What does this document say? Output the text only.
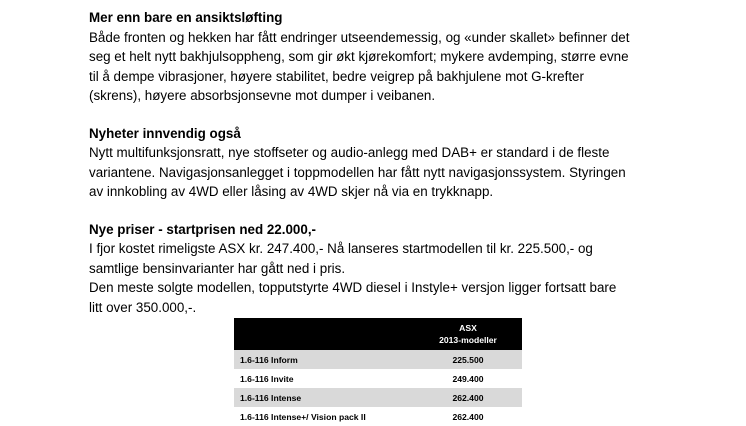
Mer enn bare en ansiktsløfting

Både fronten og hekken har fått endringer utseendemessig, og «under skallet» befinner det
seg et helt nytt bakhjulsoppheng, som gir økt kjørekomfort; mykere avdemping, større evne
til å dempe vibrasjoner, høyere stabilitet, bedre veigrep på bakhjulene mot G-krefter
(skrens), høyere absorbsjonsevne mot dumper i veibanen.

Nyheter innvendig også

Nytt multifunksjonsratt, nye stoffseter og audio-anlegg med DAB+ er standard i de fleste
variantene. Navigasjonsanlegget i toppmodellen har fått nytt navigasjonssystem. Styringen
av innkobling av 4WD eller låsing av 4WD skjer nå via en trykknapp.

Nye priser - startprisen ned 22.000,-

I fjor kostet rimeligste ASX kr. 247.400,- Nå lanseres startmodellen til kr. 225.500,- og
samtlige bensinvarianter har gått ned i pris.
Den meste solgte modellen, topputstyrte 4WD diesel i Instyle+ versjon ligger fortsatt bare
litt over 350.000,-.

	ASX
2013-modeller

1.6-116 Inform	225.500
1.6-116 Invite	249.400
1.6-116 Intense	262.400
1.6-116 Intense+/ Vision pack II	262.400
